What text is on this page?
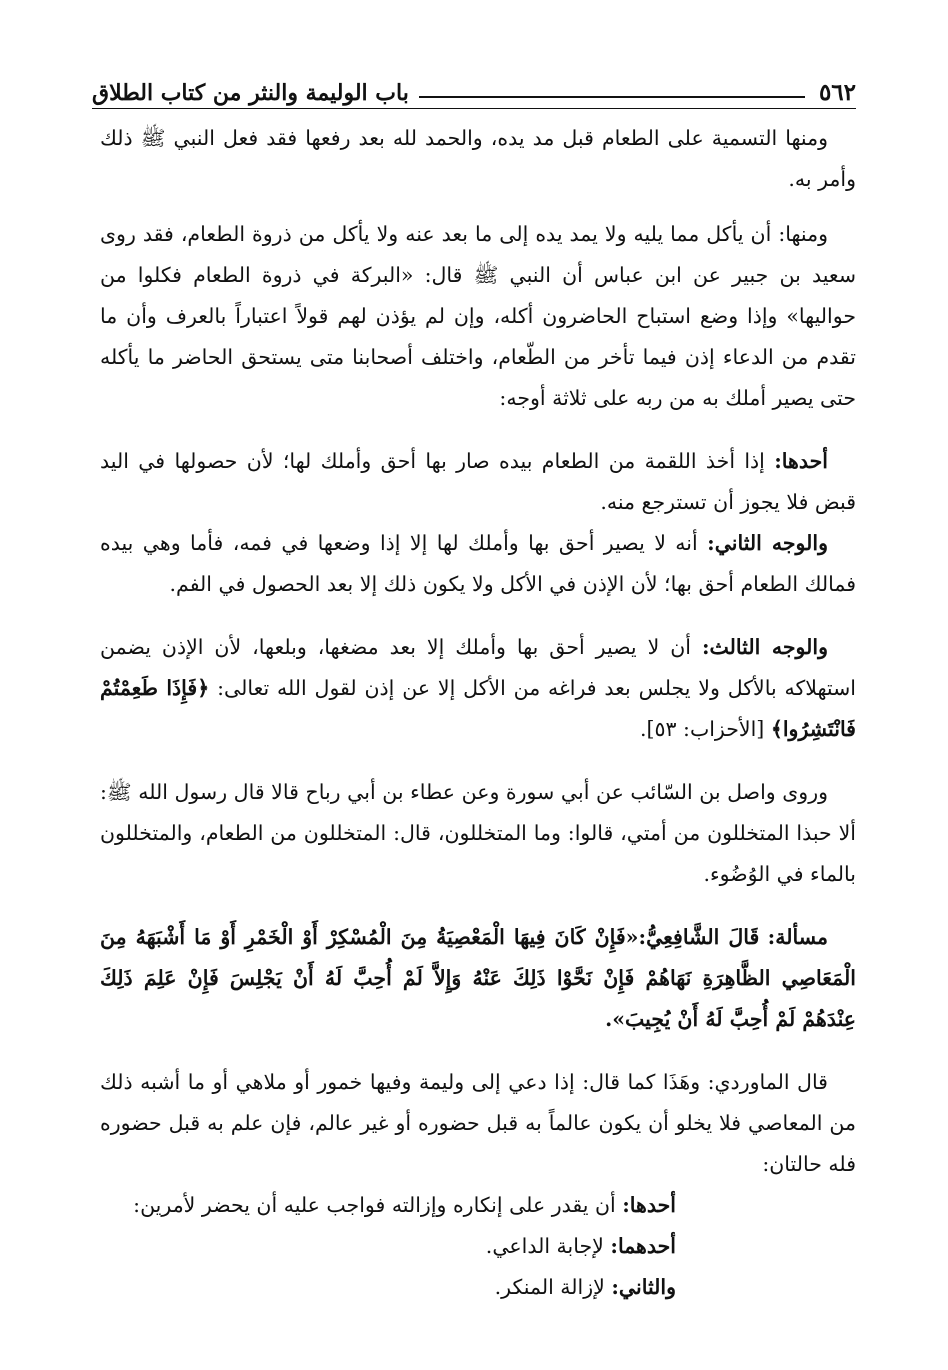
٥٦٢
باب الوليمة والنثر من كتاب الطلاق

ومنها التسمية على الطعام قبل مد يده، والحمد لله بعد رفعها فقد فعل النبي ﷺ ذلك وأمر به.

ومنها: أن يأكل مما يليه ولا يمد يده إلى ما بعد عنه ولا يأكل من ذروة الطعام، فقد روى سعيد بن جبير عن ابن عباس أن النبي ﷺ قال: «البركة في ذروة الطعام فكلوا من حواليها» وإذا وضع استباح الحاضرون أكله، وإن لم يؤذن لهم قولاً اعتباراً بالعرف وأن ما تقدم من الدعاء إذن فيما تأخر من الطّعام، واختلف أصحابنا متى يستحق الحاضر ما يأكله حتى يصير أملك به من ربه على ثلاثة أوجه:

أحدها: إذا أخذ اللقمة من الطعام بيده صار بها أحق وأملك لها؛ لأن حصولها في اليد قبض فلا يجوز أن تسترجع منه.

والوجه الثاني: أنه لا يصير أحق بها وأملك لها إلا إذا وضعها في فمه، فأما وهي بيده فمالك الطعام أحق بها؛ لأن الإذن في الأكل ولا يكون ذلك إلا بعد الحصول في الفم.

والوجه الثالث: أن لا يصير أحق بها وأملك إلا بعد مضغها، وبلعها، لأن الإذن يضمن استهلاكه بالأكل ولا يجلس بعد فراغه من الأكل إلا عن إذن لقول الله تعالى: ﴿فَإِذَا طَعِمْتُمْ فَانْتَشِرُوا﴾ [الأحزاب: ٥٣].

وروى واصل بن السّائب عن أبي سورة وعن عطاء بن أبي رباح قالا قال رسول الله ﷺ: ألا حبذا المتخللون من أمتي، قالوا: وما المتخللون، قال: المتخللون من الطعام، والمتخللون بالماء في الوُضُوء.

مسألة: قَالَ الشَّافِعِيُّ:«فَإِنْ كَانَ فِيهَا الْمَعْصِيَةُ مِنَ الْمُسْكِرْ أَوْ الْخَمْرِ أَوْ مَا أَشْبَهَهُ مِنَ الْمَعَاصِي الظَّاهِرَةِ نَهَاهُمْ فَإِنْ نَحَّوْا ذَلِكَ عَنْهُ وَإِلاَّ لَمْ أُحِبَّ لَهُ أَنْ يَجْلِسَ فَإِنْ عَلِمَ ذَلِكَ عِنْدَهُمْ لَمْ أُحِبَّ لَهُ أَنْ يُجِيبَ».

قال الماوردي: وهَذَا كما قال: إذا دعي إلى وليمة وفيها خمور أو ملاهي أو ما أشبه ذلك من المعاصي فلا يخلو أن يكون عالماً به قبل حضوره أو غير عالم، فإن علم به قبل حضوره فله حالتان:

أحدها: أن يقدر على إنكاره وإزالته فواجب عليه أن يحضر لأمرين:

أحدهما: لإجابة الداعي.

والثاني: لإزالة المنكر.
